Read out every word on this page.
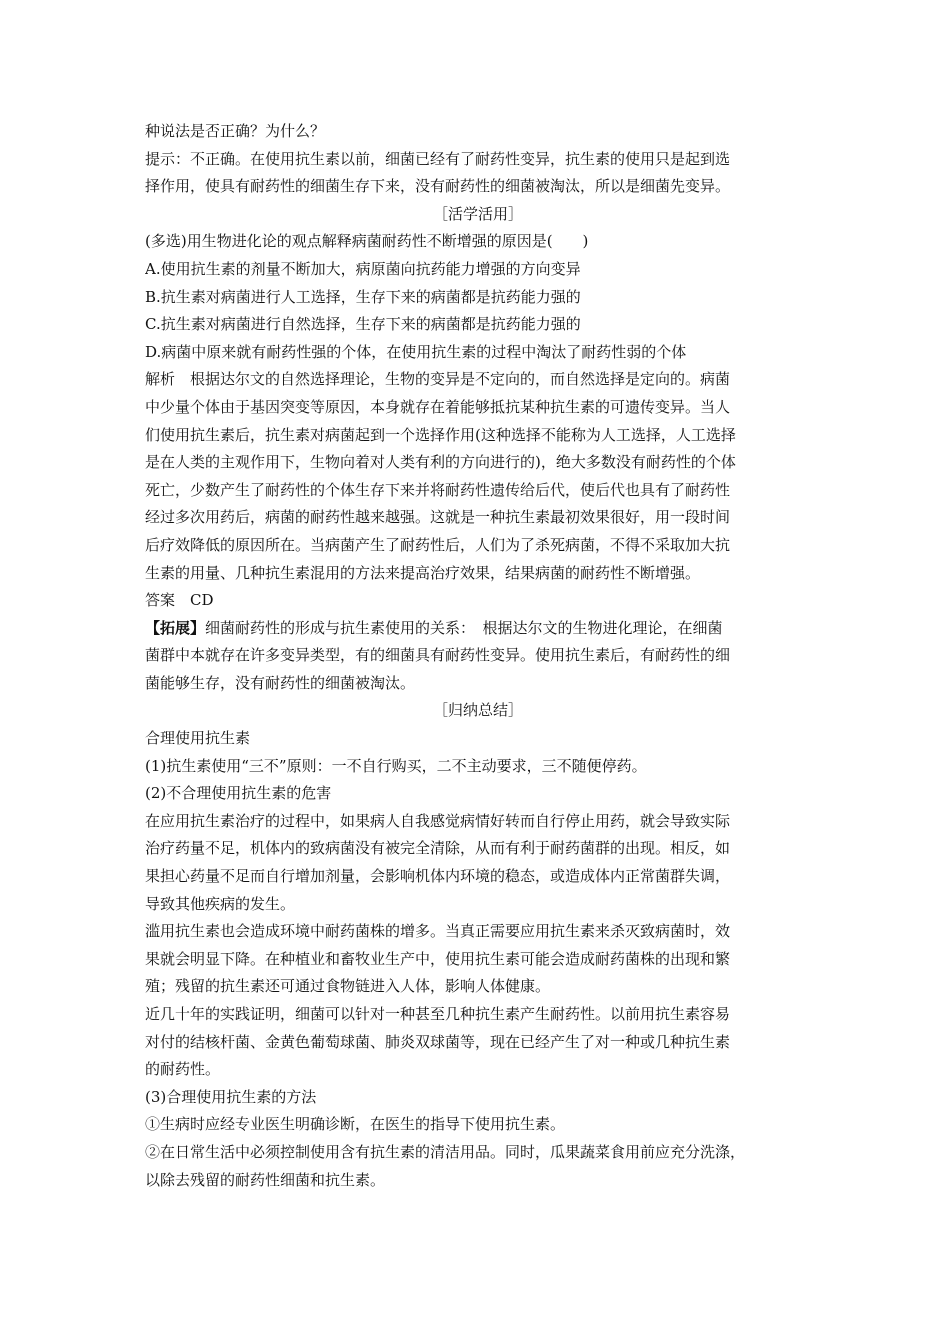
种说法是否正确？为什么？
提示：不正确。在使用抗生素以前，细菌已经有了耐药性变异，抗生素的使用只是起到选
择作用，使具有耐药性的细菌生存下来，没有耐药性的细菌被淘汰，所以是细菌先变异。
［活学活用］
(多选)用生物进化论的观点解释病菌耐药性不断增强的原因是(　　)
A.使用抗生素的剂量不断加大，病原菌向抗药能力增强的方向变异
B.抗生素对病菌进行人工选择，生存下来的病菌都是抗药能力强的
C.抗生素对病菌进行自然选择，生存下来的病菌都是抗药能力强的
D.病菌中原来就有耐药性强的个体，在使用抗生素的过程中淘汰了耐药性弱的个体
解析　根据达尔文的自然选择理论，生物的变异是不定向的，而自然选择是定向的。病菌
中少量个体由于基因突变等原因，本身就存在着能够抵抗某种抗生素的可遗传变异。当人
们使用抗生素后，抗生素对病菌起到一个选择作用(这种选择不能称为人工选择，人工选择
是在人类的主观作用下，生物向着对人类有利的方向进行的)，绝大多数没有耐药性的个体
死亡，少数产生了耐药性的个体生存下来并将耐药性遗传给后代，使后代也具有了耐药性
经过多次用药后，病菌的耐药性越来越强。这就是一种抗生素最初效果很好，用一段时间
后疗效降低的原因所在。当病菌产生了耐药性后，人们为了杀死病菌，不得不采取加大抗
生素的用量、几种抗生素混用的方法来提高治疗效果，结果病菌的耐药性不断增强。
答案　CD
【拓展】细菌耐药性的形成与抗生素使用的关系：　根据达尔文的生物进化理论，在细菌
菌群中本就存在许多变异类型，有的细菌具有耐药性变异。使用抗生素后，有耐药性的细
菌能够生存，没有耐药性的细菌被淘汰。
［归纳总结］
合理使用抗生素
(1)抗生素使用“三不”原则：一不自行购买，二不主动要求，三不随便停药。
(2)不合理使用抗生素的危害
在应用抗生素治疗的过程中，如果病人自我感觉病情好转而自行停止用药，就会导致实际
治疗药量不足，机体内的致病菌没有被完全清除，从而有利于耐药菌群的出现。相反，如
果担心药量不足而自行增加剂量，会影响机体内环境的稳态，或造成体内正常菌群失调，
导致其他疾病的发生。
滥用抗生素也会造成环境中耐药菌株的增多。当真正需要应用抗生素来杀灭致病菌时，效
果就会明显下降。在种植业和畜牧业生产中，使用抗生素可能会造成耐药菌株的出现和繁
殖；残留的抗生素还可通过食物链进入人体，影响人体健康。
近几十年的实践证明，细菌可以针对一种甚至几种抗生素产生耐药性。以前用抗生素容易
对付的结核杆菌、金黄色葡萄球菌、肺炎双球菌等，现在已经产生了对一种或几种抗生素
的耐药性。
(3)合理使用抗生素的方法
①生病时应经专业医生明确诊断，在医生的指导下使用抗生素。
②在日常生活中必须控制使用含有抗生素的清洁用品。同时，瓜果蔬菜食用前应充分洗涤，
以除去残留的耐药性细菌和抗生素。
